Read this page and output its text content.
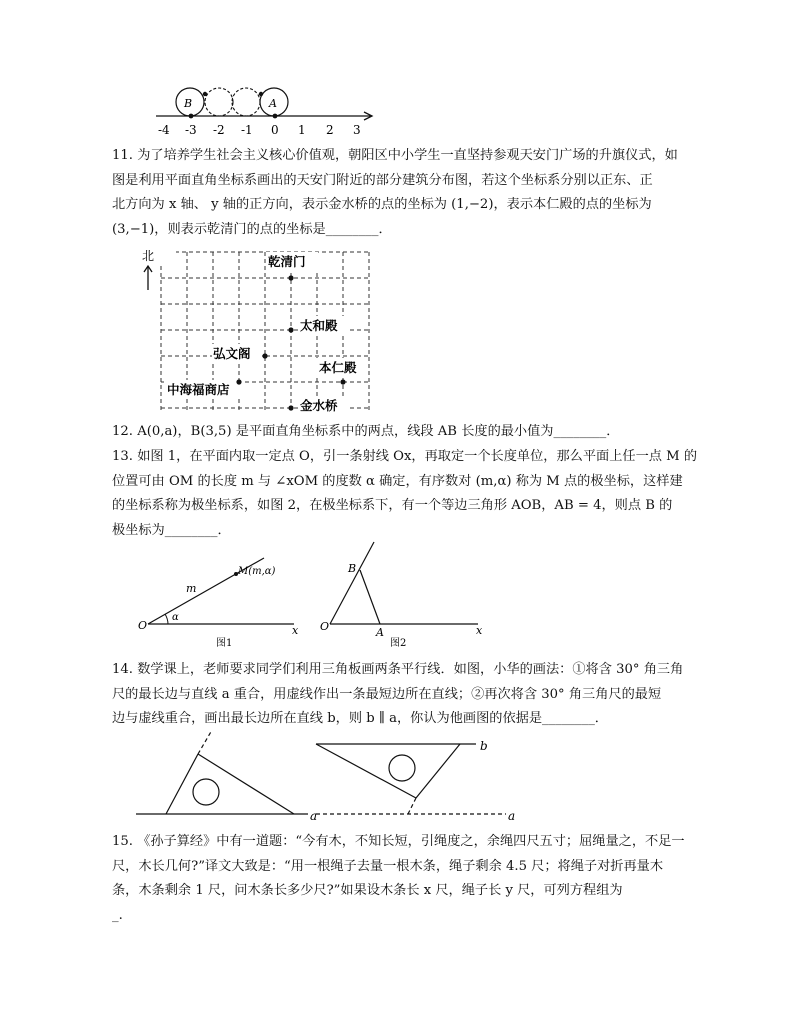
B	A
-4 -3 -2 -1 0 1 2 3
11. 为了培养学生社会主义核心价值观，朝阳区中小学生一直坚持参观天安门广场的升旗仪式，如
图是利用平面直角坐标系画出的天安门附近的部分建筑分布图，若这个坐标系分别以正东、正
北方向为 x 轴、 y 轴的正方向，表示金水桥的点的坐标为 (1,−2)，表示本仁殿的点的坐标为
(3,−1)，则表示乾清门的点的坐标是________．
北	乾清门
太和殿
弘文阁
本仁殿
中海福商店
金水桥
12. A(0,a)，B(3,5) 是平面直角坐标系中的两点，线段 AB 长度的最小值为________．
13. 如图 1，在平面内取一定点 O，引一条射线 Ox，再取定一个长度单位，那么平面上任一点 M 的
位置可由 OM 的长度 m 与 ∠xOM 的度数 α 确定，有序数对 (m,α) 称为 M 点的极坐标，这样建
的坐标系称为极坐标系，如图 2，在极坐标系下，有一个等边三角形 AOB，AB = 4，则点 B 的
极坐标为________．
O	x
m
α
M(m,α)
图1
O	x
A
B
图2
14. 数学课上，老师要求同学们利用三角板画两条平行线．如图，小华的画法：①将含 30° 角三角
尺的最长边与直线 a 重合，用虚线作出一条最短边所在直线；②再次将含 30° 角三角尺的最短
边与虚线重合，画出最长边所在直线 b，则 b ∥ a，你认为他画图的依据是________．
a
b
a
15. 《孙子算经》中有一道题：“今有木，不知长短，引绳度之，余绳四尺五寸；屈绳量之，不足一
尺，木长几何?”译文大致是：“用一根绳子去量一根木条，绳子剩余 4.5 尺；将绳子对折再量木
条，木条剩余 1 尺，问木条长多少尺?”如果设木条长 x 尺，绳子长 y 尺，可列方程组为
_.
